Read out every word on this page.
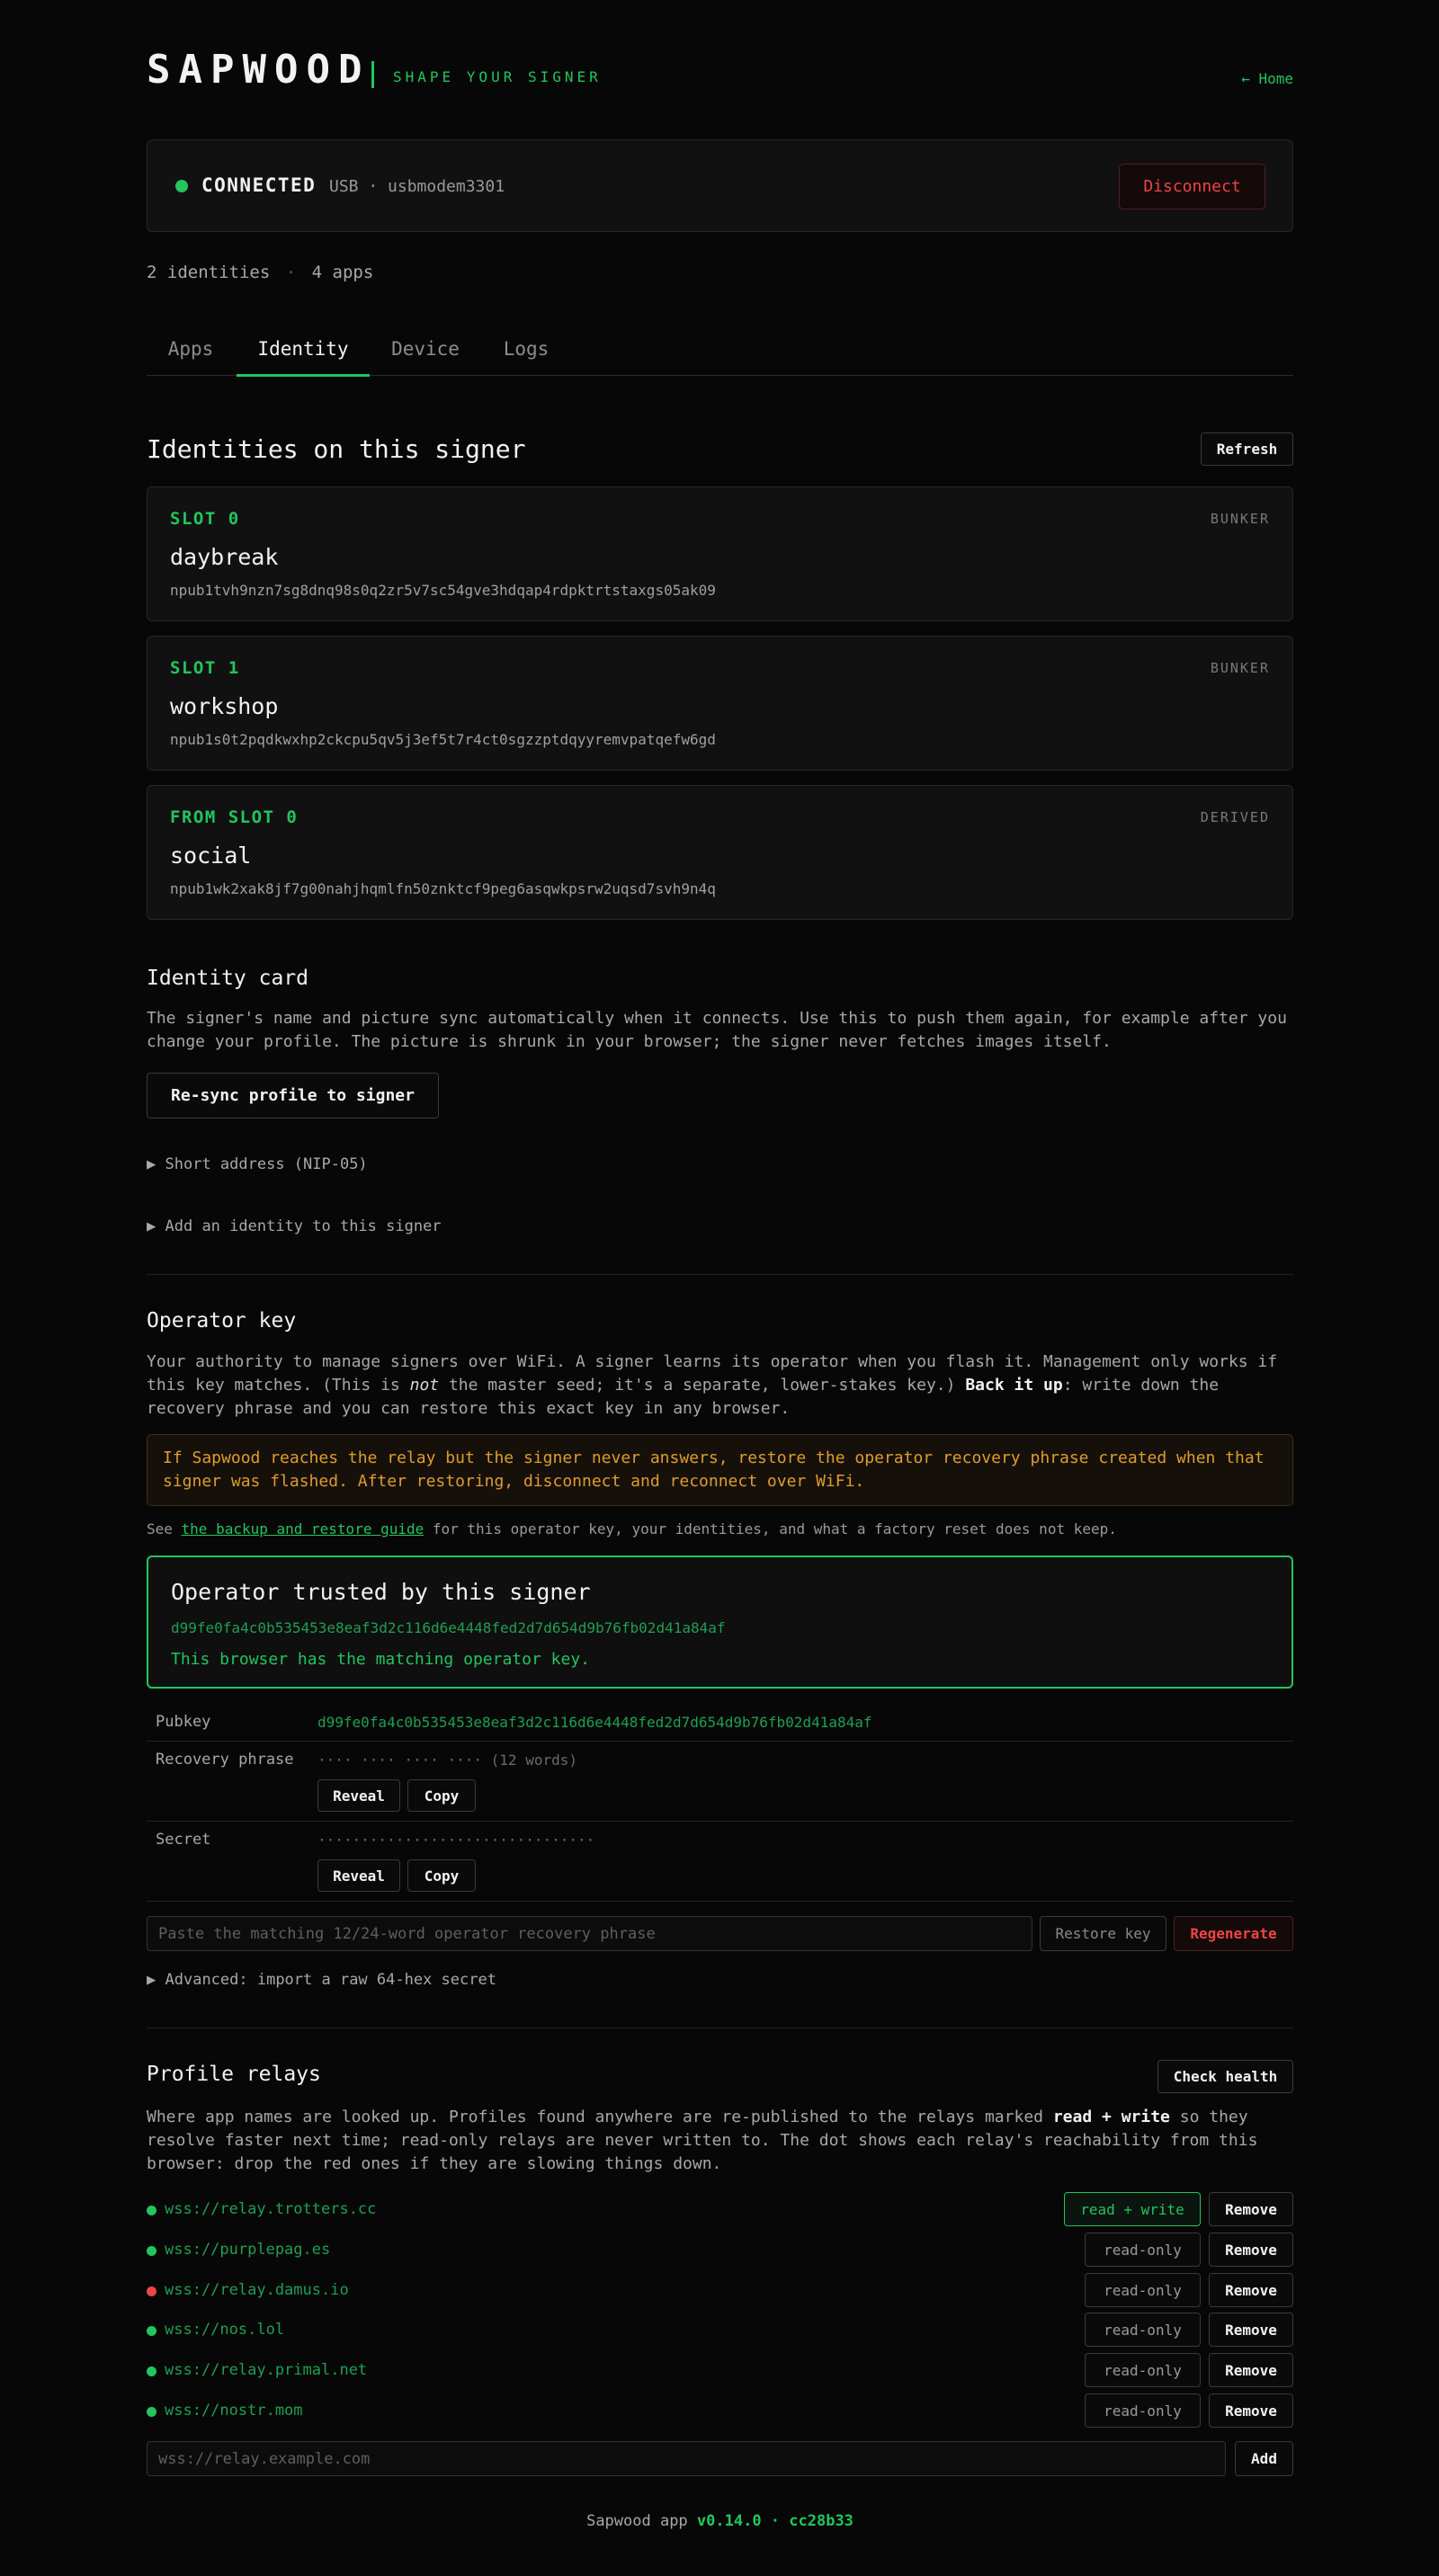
SAPWOOD SHAPE YOUR SIGNER	← Home
CONNECTED USB · usbmodem3301	Disconnect
2 identities · 4 apps
Apps	Identity	Device	Logs
Identities on this signer	Refresh
SLOT 0	BUNKER
daybreak
npub1tvh9nzn7sg8dnq98s0q2zr5v7sc54gve3hdqap4rdpktrtstaxgs05ak09
SLOT 1	BUNKER
workshop
npub1s0t2pqdkwxhp2ckcpu5qv5j3ef5t7r4ct0sgzzptdqyyremvpatqefw6gd
FROM SLOT 0	DERIVED
social
npub1wk2xak8jf7g00nahjhqmlfn50znktcf9peg6asqwkpsrw2uqsd7svh9n4q
Identity card
The signer's name and picture sync automatically when it connects. Use this to push them again, for example after you change your profile. The picture is shrunk in your browser; the signer never fetches images itself.
Re-sync profile to signer
▶ Short address (NIP-05)
▶ Add an identity to this signer
Operator key
Your authority to manage signers over WiFi. A signer learns its operator when you flash it. Management only works if this key matches. (This is not the master seed; it's a separate, lower-stakes key.) Back it up: write down the recovery phrase and you can restore this exact key in any browser.
If Sapwood reaches the relay but the signer never answers, restore the operator recovery phrase created when that signer was flashed. After restoring, disconnect and reconnect over WiFi.
See the backup and restore guide for this operator key, your identities, and what a factory reset does not keep.
Operator trusted by this signer
d99fe0fa4c0b535453e8eaf3d2c116d6e4448fed2d7d654d9b76fb02d41a84af
This browser has the matching operator key.
Pubkey	d99fe0fa4c0b535453e8eaf3d2c116d6e4448fed2d7d654d9b76fb02d41a84af
Recovery phrase ···· ···· ···· ···· (12 words)
Reveal	Copy
Secret	································
Reveal	Copy
Paste the matching 12/24-word operator recovery phrase
Restore key	Regenerate
▶ Advanced: import a raw 64-hex secret
Profile relays	Check health
Where app names are looked up. Profiles found anywhere are re-published to the relays marked read + write so they resolve faster next time; read-only relays are never written to. The dot shows each relay's reachability from this browser: drop the red ones if they are slowing things down.
wss://relay.trotters.cc	read + write	Remove
wss://purplepag.es	read-only	Remove
wss://relay.damus.io	read-only	Remove
wss://nos.lol	read-only	Remove
wss://relay.primal.net	read-only	Remove
wss://nostr.mom	read-only	Remove
wss://relay.example.com
Add
Sapwood app v0.14.0 · cc28b33
